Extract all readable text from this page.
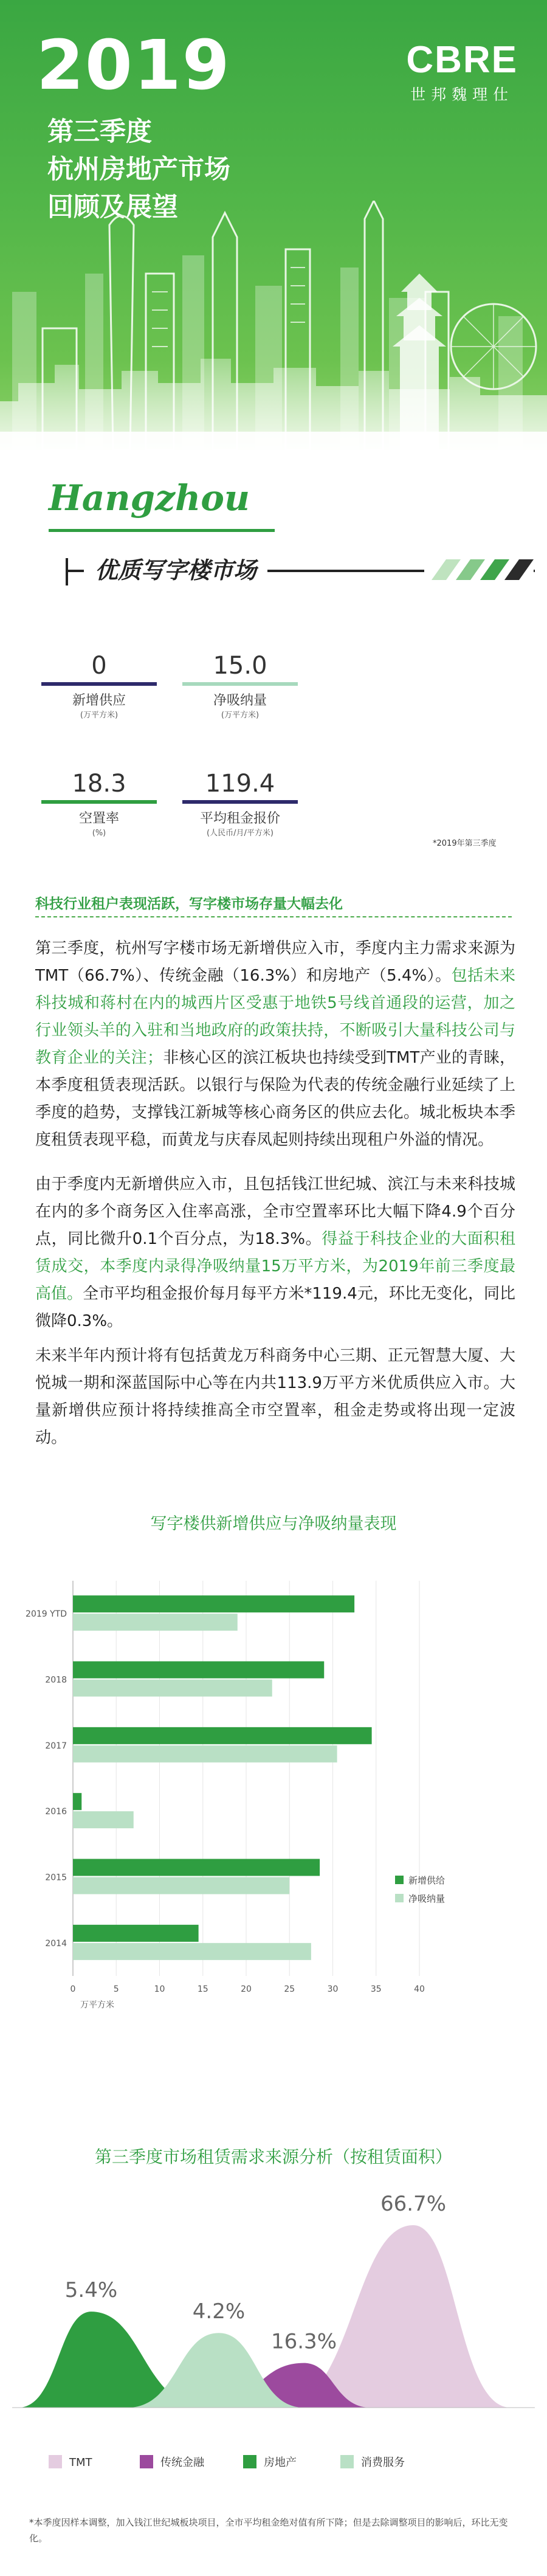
2019
第三季度
杭州房地产市场
回顾及展望
CBRE
世邦魏理仕
Hangzhou
优质写字楼市场
0
新增供应
(万平方米)
15.0
净吸纳量
(万平方米)
18.3
空置率
(%)
119.4
平均租金报价
(人民币/月/平方米)
*2019年第三季度
科技行业租户表现活跃，写字楼市场存量大幅去化
第三季度，杭州写字楼市场无新增供应入市，季度内主力需求来源为TMT（66.7%）、传统金融（16.3%）和房地产（5.4%）。包括未来科技城和蒋村在内的城西片区受惠于地铁5号线首通段的运营，加之行业领头羊的入驻和当地政府的政策扶持，不断吸引大量科技公司与教育企业的关注；非核心区的滨江板块也持续受到TMT产业的青睐，本季度租赁表现活跃。以银行与保险为代表的传统金融行业延续了上季度的趋势，支撑钱江新城等核心商务区的供应去化。城北板块本季度租赁表现平稳，而黄龙与庆春凤起则持续出现租户外溢的情况。
由于季度内无新增供应入市，且包括钱江世纪城、滨江与未来科技城在内的多个商务区入住率高涨，全市空置率环比大幅下降4.9个百分点，同比微升0.1个百分点，为18.3%。得益于科技企业的大面积租赁成交，本季度内录得净吸纳量15万平方米，为2019年前三季度最高值。全市平均租金报价每月每平方米*119.4元，环比无变化，同比微降0.3%。
未来半年内预计将有包括黄龙万科商务中心三期、正元智慧大厦、大悦城一期和深蓝国际中心等在内共113.9万平方米优质供应入市。大量新增供应预计将持续推高全市空置率，租金走势或将出现一定波动。
写字楼供新增供应与净吸纳量表现
0	5	10	15	20	25	30	35	40
万平方米
2019 YTD
2018
2017
2016
2015
2014
新增供给
净吸纳量
第三季度市场租赁需求来源分析（按租赁面积）
66.7%
16.3%
5.4%
4.2%
TMT	传统金融	房地产	消费服务
*本季度因样本调整，加入钱江世纪城板块项目，全市平均租金绝对值有所下降；但是去除调整项目的影响后，环比无变化。
